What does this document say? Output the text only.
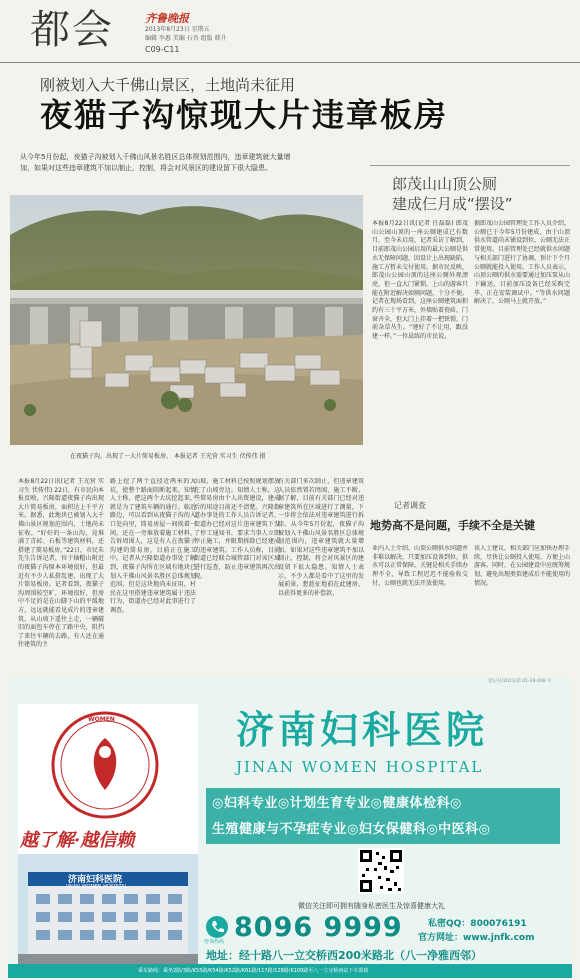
都会	齐鲁晚报
2013年8月23日 星期五
编辑 李惠 美编 石吾 组版 韩升
C09-C11
刚被划入大千佛山景区，土地尚未征用
夜猫子沟惊现大片违章板房
从今年5月份起，夜猫子沟被划入千佛山风景名胜区总体规划范围内，违章建筑就大量增加，如果对这些违章建筑不加以制止，控制，将会对风景区的建设留下很大隐患。
在夜猫子沟，出现了一大片简易板房。 本报记者 王光营 实习生 伏传伟 摄
郎茂山山顶公厕
建成仨月成“摆设”
本报8月22日讯(记者 任磊磊) 郎茂山公园山顶的一座公厕建成已有数月，至今未启用，记者采访了解到，目前郎茂山公园启用的最大公厕是供水无保障问题，因设计上出现缺陷，施工方暂未交付使用。据市民反映，郎茂山公园山顶的这座公厕外观漂亮，但一直大门紧锁，上山的游客只能在附近解决如厕问题，十分不便。记者在现场看到，这座公厕建筑面积约有三十平方米，外墙贴着瓷砖，门窗齐全，但大门上挂着一把铁锁，门前杂草丛生。“建好了不让用，跟没建一样。”一位晨练的市民说。
据郎茂山公园管理处工作人员介绍，公厕已于今年5月份建成，由于山顶供水管道尚未铺设到位，公厕无法正常使用。目前管理处已经就供水问题与相关部门进行了协调，预计下个月公厕就能投入使用。工作人员表示，山顶公厕的供水需要通过加压泵从山下输送，目前加压设备已经采购完毕，正在安装调试中。“等供水问题解决了，公厕马上就开放。”
记者调查
地势高不是问题，手续不全是关键
业内人士介绍，山顶公厕供水问题并非难以解决，只要加压设备到位，供水可以正常保障。关键是相关手续办理不全，导致工程迟迟不能验收交付，公厕也就无法开放使用。
该人士建议，相关部门应加快办理手续，尽快让公厕投入使用，方便上山游客。同时，在公园建设中应统筹规划，避免出现类似建成后不能使用的情况。
本报8月22日讯(记者 王光营 实习生 伏传伟) 22日，有市民向本报反映，兴隆街道夜猫子沟出现大片简易板房，面积达上千平方米。据悉，此地块已被划入大千佛山景区规划范围内，土地尚未征收。“好好的一条山沟，竟堆满了青砖、石板等建筑材料，还搭建了简易板房，”22日，市民朱先生告诉记者，位于轴帽山附近的夜猫子沟原本环境很好，但最近有不少人私搭乱建，出现了大片简易板房。记者看到，夜猫子沟周围较空旷，环境很好，但房中不足的是在山脚下山的平缓地方，远远就能看见成片的违章建筑，从山坡下遥往上走，一辆破旧的面包车停在了路中央，阻挡了来往车辆的去路，有人还在通往建筑的主
路上挖了两个直径近两米的大坑，使整个路面阻断起来。知情人士称，把这两个大坑挖起来，就是为了建筑车辆的通行。临近路边，可以看到从夜猫子沟的入口处向里，简易房屋一间挨着一间，还在一旁堆放着施工材料。告诉周围人，这是有人在夜猫子沟建的简易房，目前正在施工中。记者从兴隆街道办事处了解到，夜猫子沟所在区域有地块已划入千佛山风景名胜区总体规划范围，但是这块地尚未征用，村民在这里搭建违章建筑属于违法行为，街道办已经对此事进行了调查。
山坡，施工材料已按照规划摆放在了山坡旁边。知情人士称，这些简易房由个人出资建设，建成后的用途目前还不清楚。兴隆街道办事处的工作人员告诉记者，街道办已经对这片违章建筑下发了停工通知书，要求当事人立即停止施工，并限期拆除已经建成的违章建筑。工作人员称，目前街道已经联合城管部门对该区域进行巡查，防止违章建筑再次出现。
有关部门多次制止，但违章建筑人员依然置若罔闻，施工不断。据了解，目前有关部门已经对违章建筑所在区域进行了测量，下一步将会依法对违章建筑进行拆除。从今年5月份起，夜猫子沟被划入千佛山风景名胜区总体规划范围内，违章建筑就大量增加，如果对这些违章建筑不加以制止，控制，将会对风景区的建设留下很大隐患。知情人士表示，不少人都是看中了这里的发展前景，想趁征地前在此建房，以获得更多的补偿款。
登记号(2013)第 01-28-008 号
WOMEN
越了解·越信赖
济南妇科医院
JINAN WOMEN HOSPITAL
济南妇科医院
JINAN WOMEN HOSPITAL
◎妇科专业◎计划生育专业◎健康体检科◎
生殖健康与不孕症专业◎妇女保健科◎中医科◎
微信关注即可拥有随身私密医生及惊喜健康大礼
咨询热线 8096 9999	私密QQ：800076191
官方网址：www.jnfk.com
地址：经十路八一立交桥西200米路北（八一净雅西邻）
乘车路线：乘坐2路/3路/K55路/K54路/K52路/K81路/117路/128路/K109路至八一立交桥西站下车即到
